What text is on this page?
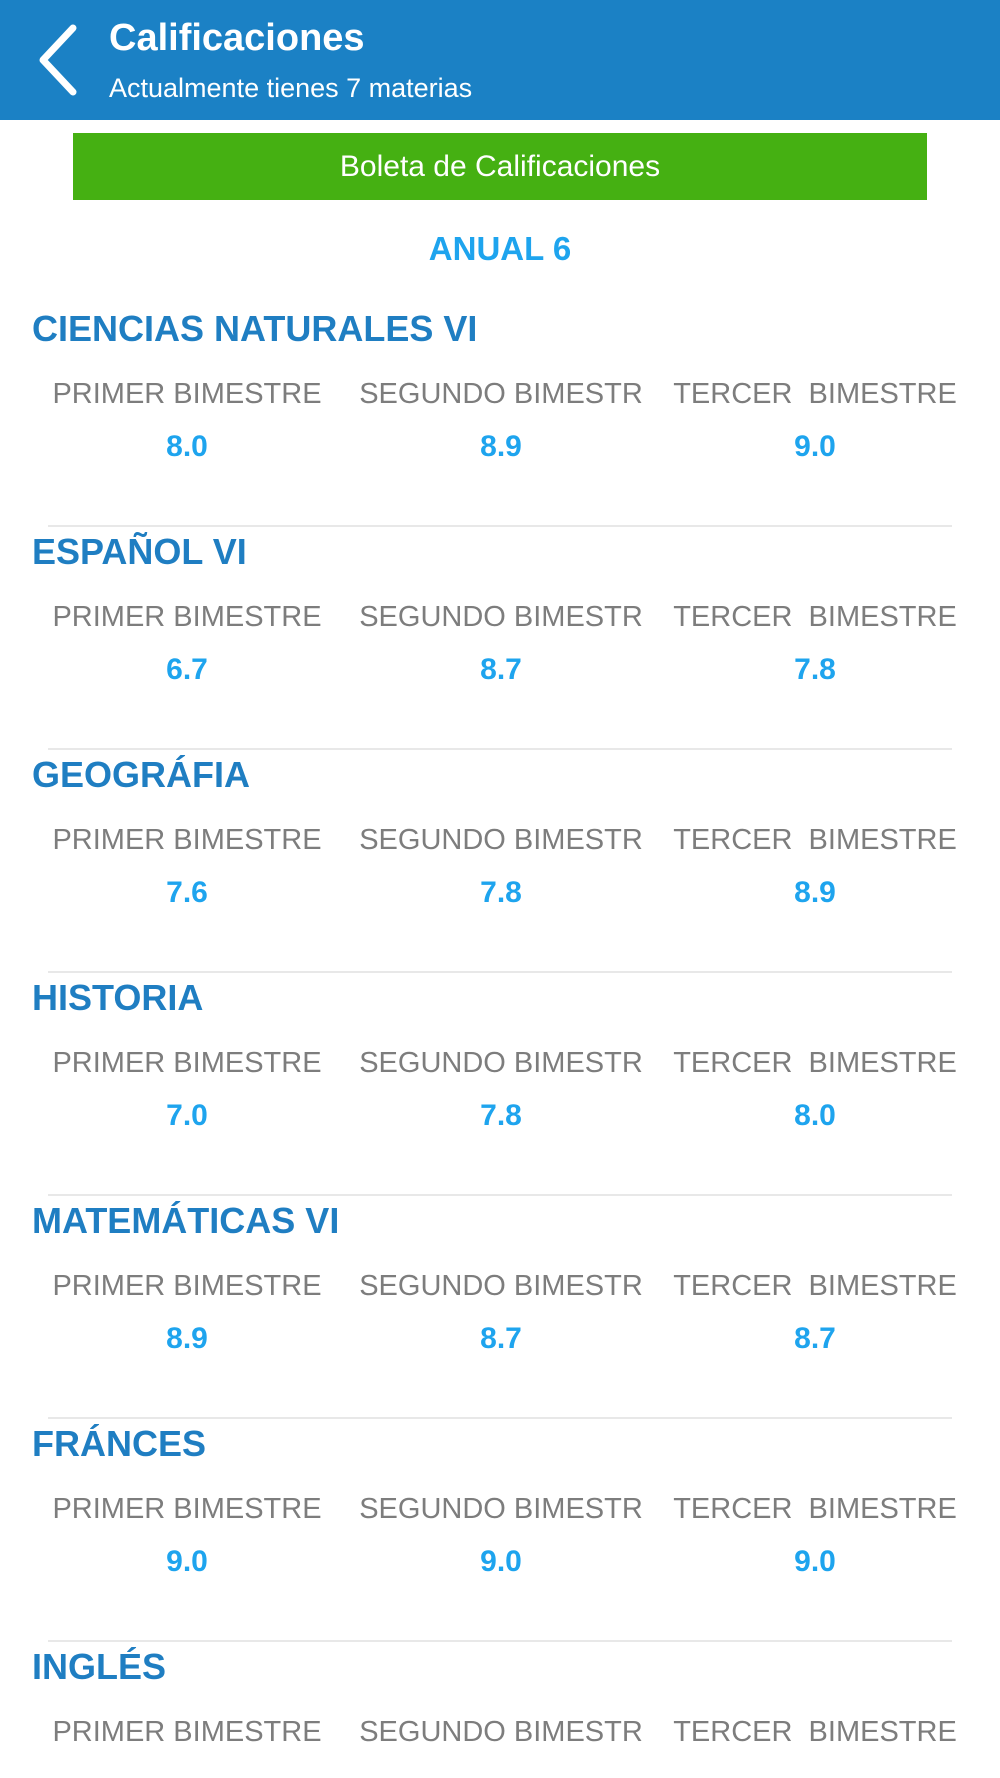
Calificaciones
Actualmente tienes 7 materias
Boleta de Calificaciones
ANUAL 6
CIENCIAS NATURALES VI
PRIMER BIMESTRE
8.0
SEGUNDO BIMESTR
8.9
TERCER  BIMESTRE
9.0
ESPAÑOL VI
PRIMER BIMESTRE
6.7
SEGUNDO BIMESTR
8.7
TERCER  BIMESTRE
7.8
GEOGRÁFIA
PRIMER BIMESTRE
7.6
SEGUNDO BIMESTR
7.8
TERCER  BIMESTRE
8.9
HISTORIA
PRIMER BIMESTRE
7.0
SEGUNDO BIMESTR
7.8
TERCER  BIMESTRE
8.0
MATEMÁTICAS VI
PRIMER BIMESTRE
8.9
SEGUNDO BIMESTR
8.7
TERCER  BIMESTRE
8.7
FRÁNCES
PRIMER BIMESTRE
9.0
SEGUNDO BIMESTR
9.0
TERCER  BIMESTRE
9.0
INGLÉS
PRIMER BIMESTRE	SEGUNDO BIMESTR	TERCER  BIMESTRE
